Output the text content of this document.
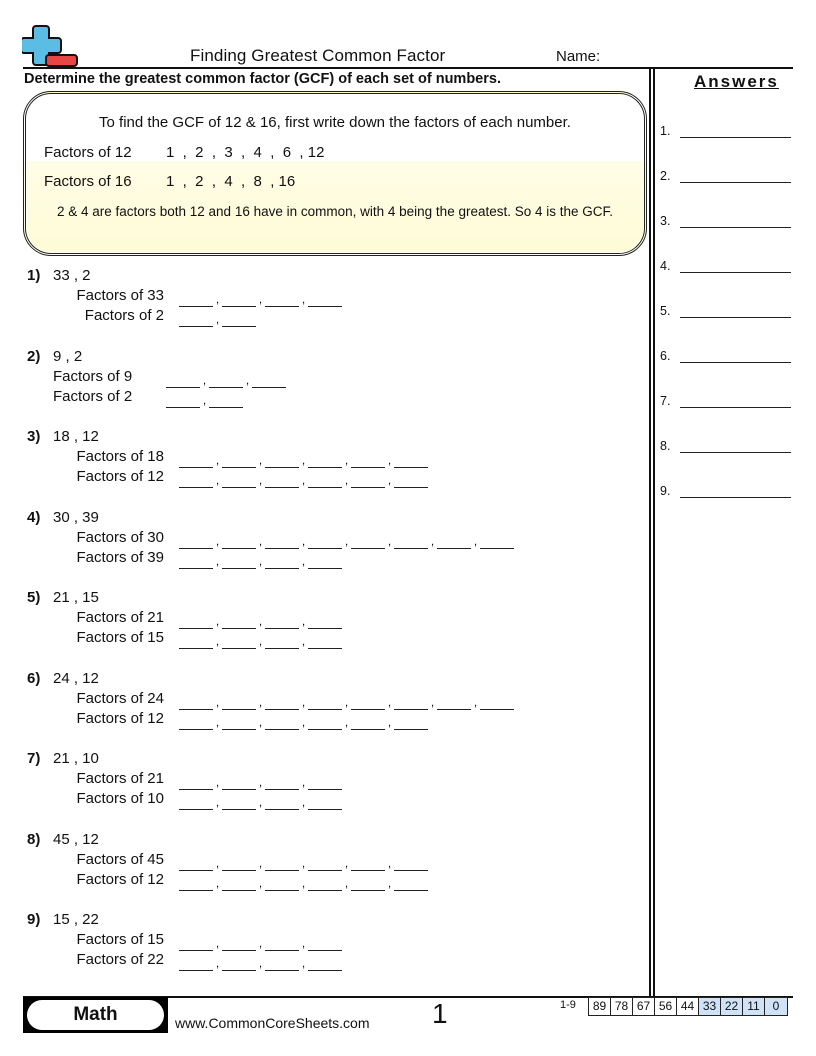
Finding Greatest Common Factor	Name:
Determine the greatest common factor (GCF) of each set of numbers.
To find the GCF of 12 & 16, first write down the factors of each number.
Factors of 12	1  ,  2  ,  3  ,  4  ,  6  , 12
Factors of 16	1  ,  2  ,  4  ,  8  , 16
2 & 4 are factors both 12 and 16 have in common, with 4 being the greatest. So 4 is the GCF.
1) 33 , 2
Factors of 33	,	,	,
Factors of 2	,
2) 9 , 2
Factors of 9	,	,
Factors of 2	,
3) 18 , 12
Factors of 18	,	,	,	,	,
Factors of 12	,	,	,	,	,
4) 30 , 39
Factors of 30	,	,	,	,	,	,	,
Factors of 39	,	,	,
5) 21 , 15
Factors of 21	,	,	,
Factors of 15	,	,	,
6) 24 , 12
Factors of 24	,	,	,	,	,	,	,
Factors of 12	,	,	,	,	,
7) 21 , 10
Factors of 21	,	,	,
Factors of 10	,	,	,
8) 45 , 12
Factors of 45	,	,	,	,	,
Factors of 12	,	,	,	,	,
9) 15 , 22
Factors of 15	,	,	,
Factors of 22	,	,	,
Answers
1.
2.
3.
4.
5.
6.
7.
8.
9.
Math	www.CommonCoreSheets.com 1	1-9	89 78 67 56 44 33 22 11	0
